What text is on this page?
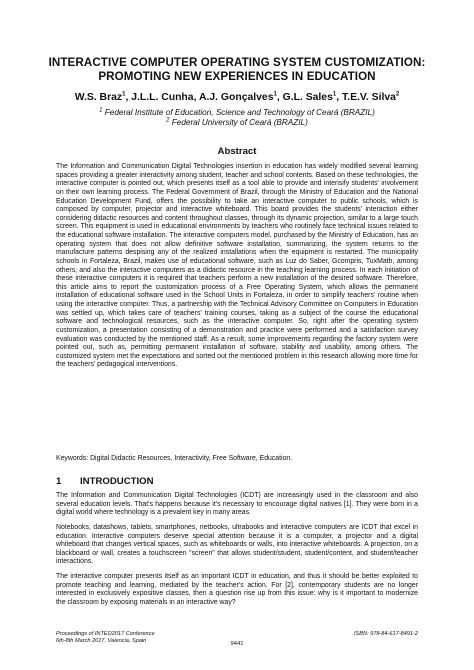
INTERACTIVE COMPUTER OPERATING SYSTEM CUSTOMIZATION:
PROMOTING NEW EXPERIENCES IN EDUCATION
W.S. Braz$^1$, J.L.L. Cunha, A.J. Gonçalves$^1$, G.L. Sales$^1$, T.E.V. Silva$^2$
$^1$ Federal Institute of Education, Science and Technology of Ceará (BRAZIL)
$^2$ Federal University of Ceará (BRAZIL)
Abstract

The Information and Communication Digital Technologies insertion in education has widely modified several learning spaces providing a greater interactivity among student, teacher and school contents. Based on these technologies, the interactive computer is pointed out, which presents itself as a tool able to provide and intensify students' involvement on their own learning process. The Federal Government of Brazil, through the Ministry of Education and the National Education Development Fund, offers the possibility to take an interactive computer to public schools, which is composed by computer, projector and interactive whiteboard. This board provides the students' interaction either considering didactic resources and content throughout classes, through its dynamic projection, similar to a large touch screen. This equipment is used in educational environments by teachers who routinely face technical issues related to the educational software installation. The interactive computers model, purchased by the Ministry of Education, has an operating system that does not allow definitive software installation, summarizing, the system returns to the manufacture patterns despising any of the realized installations when the equipment is restarted. The municipality schools in Fortaleza, Brazil, makes use of educational software, such as Luz do Saber, Gcompris, TuxMath, among others, and also the interactive computers as a didactic resource in the teaching learning process. In each initiation of these interactive computers it is required that teachers perform a new installation of the desired software. Therefore, this article aims to report the customization process of a Free Operating System, which allows the permanent installation of educational software used in the School Units in Fortaleza, in order to simplify teachers' routine when using the interactive computer. Thus, a partnership with the Technical Advisory Committee on Computers in Education was settled up, which takes care of teachers' training courses, taking as a subject of the course the educational software and technological resources, such as the interactive computer. So, right after the operating system customization, a presentation consisting of a demonstration and practice were performed and a satisfaction survey evaluation was conducted by the mentioned staff. As a result, some improvements regarding the factory system were pointed out, such as, permitting permanent installation of software, stability and usability, among others. The customized system met the expectations and sorted out the mentioned problem in this research allowing more time for the teachers' pedagogical interventions.

Keywords: Digital Didactic Resources, Interactivity, Free Software, Education.

1 INTRODUCTION

The Information and Communication Digital Technologies (ICDT) are increasingly used in the classroom and also several education levels. That's happens because it's necessary to encourage digital natives [1]. They were born in a digital world where technology is a prevalent key in many areas.

Notebooks, datashows, tablets, smartphones, netbooks, ultrabooks and interactive computers are ICDT that excel in education. Interactive computers deserve special attention because it is a computer, a projector and a digital whiteboard that changes vertical spaces, such as whiteboards or walls, into interactive whiteboards. A projection, on a blackboard or wall, creates a touchscreen "screen" that allows student/student, student/content, and student/teacher interactions.

The interactive computer presents itself as an important ICDT in education, and thus it should be better exploited to promote teaching and learning, mediated by the teacher's action. For [2], contemporary students are no longer interested in exclusively expositive classes, then a question rise up from this issue: why is it important to modernize the classroom by exposing materials in an interactive way?

Proceedings of INTED2017 Conference
6th-8th March 2017, Valencia, Spain
ISBN: 978-84-617-8491-2
9441
